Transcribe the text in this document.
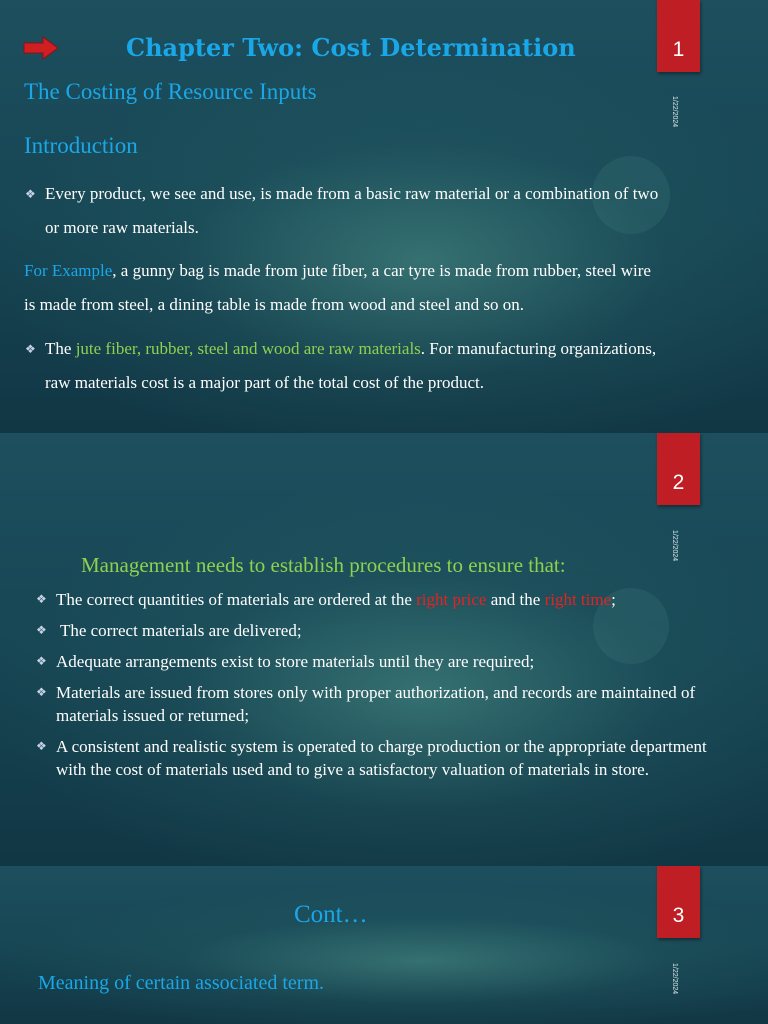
1
1/22/2024
Chapter Two: Cost Determination
The Costing of Resource Inputs
Introduction
❖ Every product, we see and use, is made from a basic raw material or a combination of two
or more raw materials.
For Example, a gunny bag is made from jute fiber, a car tyre is made from rubber, steel wire
is made from steel, a dining table is made from wood and steel and so on.
❖ The jute fiber, rubber, steel and wood are raw materials. For manufacturing organizations,
raw materials cost is a major part of the total cost of the product.
2
1/22/2024
Management needs to establish procedures to ensure that:
❖ The correct quantities of materials are ordered at the right price and the right time;
❖ The correct materials are delivered;
❖ Adequate arrangements exist to store materials until they are required;
❖ Materials are issued from stores only with proper authorization, and records are maintained of materials issued or returned;
❖ A consistent and realistic system is operated to charge production or the appropriate department with the cost of materials used and to give a satisfactory valuation of materials in store.
3
1/22/2024
Cont…
Meaning of certain associated term.
